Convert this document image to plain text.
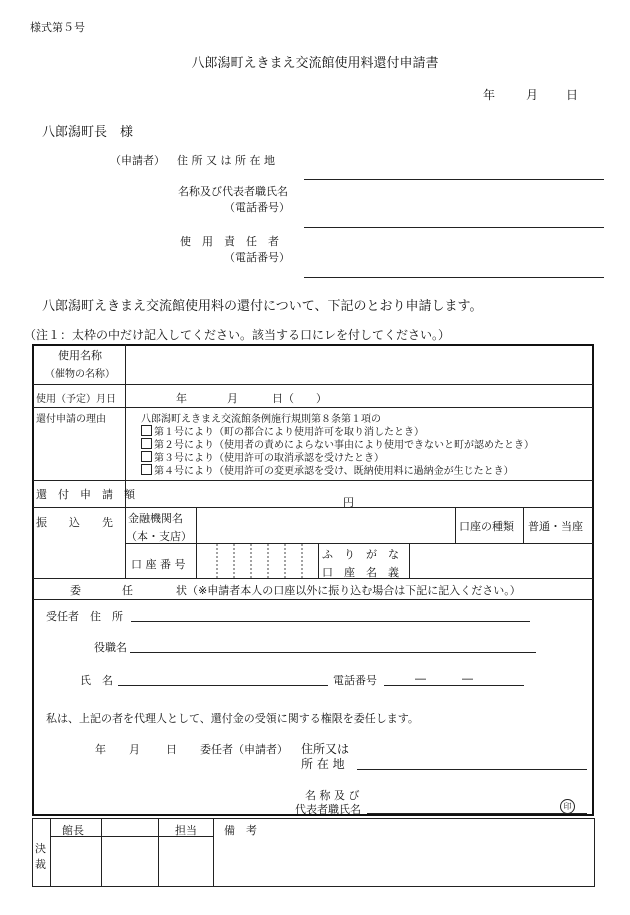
様式第５号
八郎潟町えきまえ交流館使用料還付申請書
年	月 日
八郎潟町長　様
（申請者） 住 所 又 は 所 在 地
名称及び代表者職氏名
（電話番号）
使　用　責　任　者
（電話番号）
八郎潟町えきまえ交流館使用料の還付について、下記のとおり申請します。
（注１：太枠の中だけ記入してください。該当する口にレを付してください。）
使用名称
（催物の名称）
使用（予定）月日	年	月	日（　　）
還付申請の理由	八郎潟町えきまえ交流館条例施行規則第８条第１項の
第１号により（町の都合により使用許可を取り消したとき）
第２号により（使用者の責めによらない事由により使用できないと町が認めたとき）
第３号により（使用許可の取消承認を受けたとき）
第４号により（使用許可の変更承認を受け、既納使用料に過納金が生じたとき）
還　付　申　請　額
円
振　　込　　先 金融機関名
（本・支店）
口座の種類 普通・当座
口 座 番 号
ふ　り　が　な
口　座　名　義
委	任	状（※申請者本人の口座以外に振り込む場合は下記に記入ください。）
受任者　住　所
役職名
氏　名	電話番号	―	―
私は、上記の者を代理人として、還付金の受領に関する権限を委任します。
年 月 日 委任者（申請者） 住所又は
所 在 地
名 称 及 び
代表者職氏名	印
決
裁
館長	担当 備　考
